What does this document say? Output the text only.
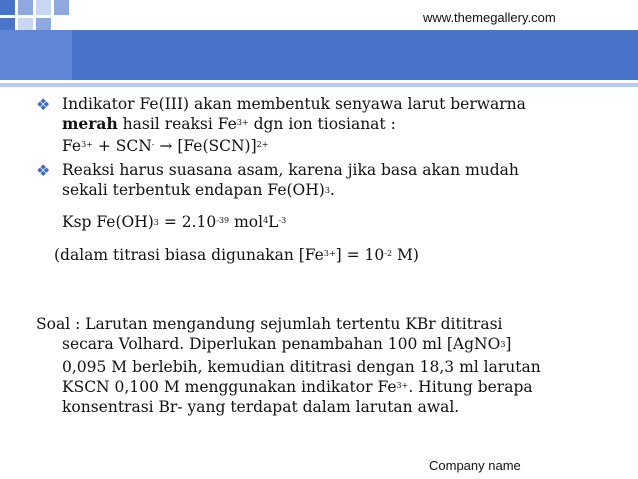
www.themegallery.com
❖ Indikator Fe(III) akan membentuk senyawa larut berwarna
merah hasil reaksi $Fe^{3+}$ dgn ion tiosianat :
$Fe^{3+} + SCN^- \to [Fe(SCN)]^{2+}$
❖ Reaksi harus suasana asam, karena jika basa akan mudah
sekali terbentuk endapan $Fe(OH)_3$.
Ksp $Fe(OH)_3 = 2.10^{-39}$ $mol^4L^{-3}$
(dalam titrasi biasa digunakan $[Fe^{3+}] = 10^{-2}$ M)
Soal : Larutan mengandung sejumlah tertentu KBr dititrasi
secara Volhard. Diperlukan penambahan 100 ml [AgNO$_3$]
0,095 M berlebih, kemudian dititrasi dengan 18,3 ml larutan
KSCN 0,100 M menggunakan indikator $Fe^{3+}$. Hitung berapa
konsentrasi Br- yang terdapat dalam larutan awal.
Company name
